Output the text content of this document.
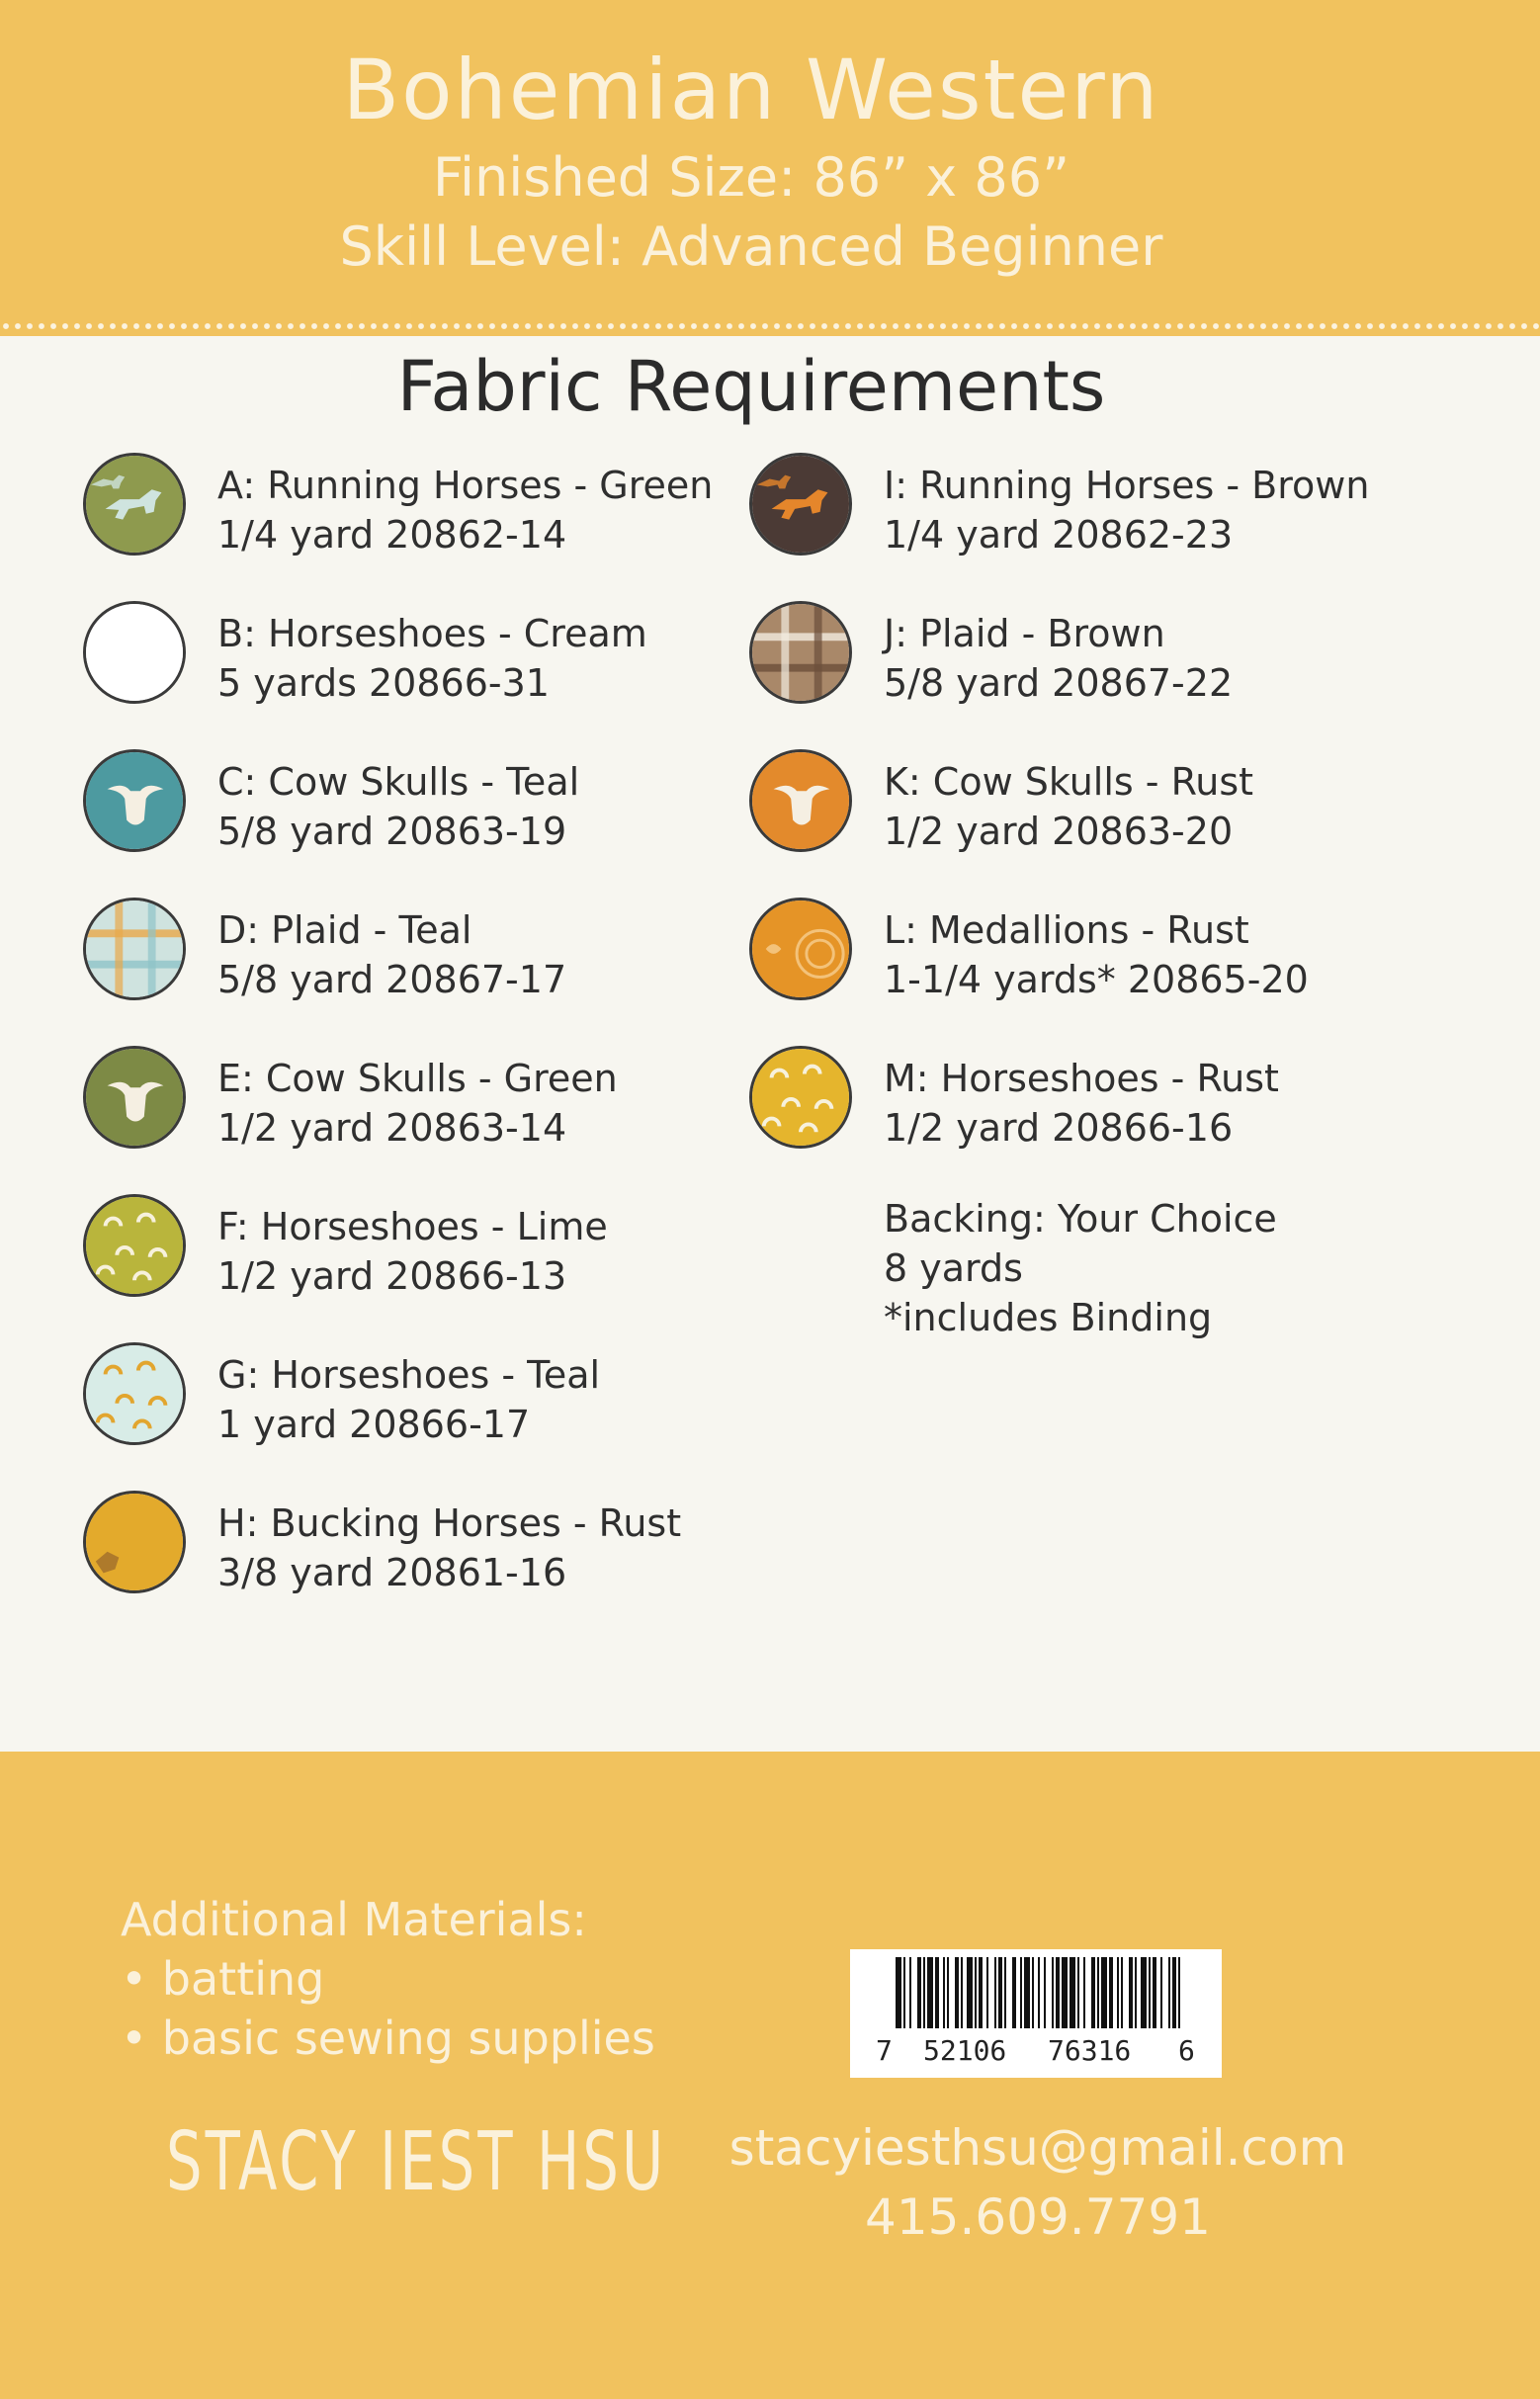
Bohemian Western
Finished Size: 86” x 86”
Skill Level: Advanced Beginner
Fabric Requirements
A: Running Horses - Green
1/4 yard 20862-14
B: Horseshoes - Cream
5 yards 20866-31
C: Cow Skulls - Teal
5/8 yard 20863-19
D: Plaid - Teal
5/8 yard 20867-17
E: Cow Skulls - Green
1/2 yard 20863-14
F: Horseshoes - Lime
1/2 yard 20866-13
G: Horseshoes - Teal
1 yard 20866-17
H: Bucking Horses - Rust
3/8 yard 20861-16
I: Running Horses - Brown
1/4 yard 20862-23
J: Plaid - Brown
5/8 yard 20867-22
K: Cow Skulls - Rust
1/2 yard 20863-20
L: Medallions - Rust
1-1/4 yards* 20865-20
M: Horseshoes - Rust
1/2 yard 20866-16
Backing: Your Choice
8 yards
*includes Binding
Additional Materials:
• batting
• basic sewing supplies
STACY IEST HSU
7 52106 76316 6
stacyiesthsu@gmail.com
415.609.7791
